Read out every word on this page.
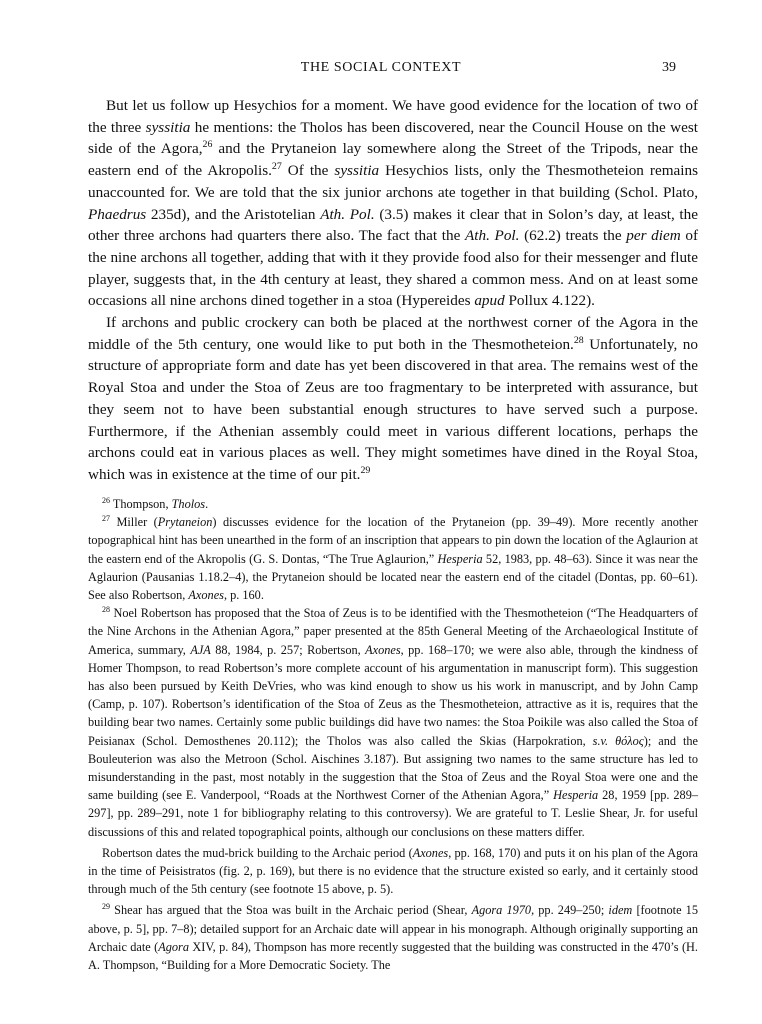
THE SOCIAL CONTEXT	39

But let us follow up Hesychios for a moment. We have good evidence for the location of two of the three syssitia he mentions: the Tholos has been discovered, near the Council House on the west side of the Agora,$^{26}$ and the Prytaneion lay somewhere along the Street of the Tripods, near the eastern end of the Akropolis.$^{27}$ Of the syssitia Hesychios lists, only the Thesmotheteion remains unaccounted for. We are told that the six junior archons ate together in that building (Schol. Plato, Phaedrus 235d), and the Aristotelian Ath. Pol. (3.5) makes it clear that in Solon’s day, at least, the other three archons had quarters there also. The fact that the Ath. Pol. (62.2) treats the per diem of the nine archons all together, adding that with it they provide food also for their messenger and flute player, suggests that, in the 4th century at least, they shared a common mess. And on at least some occasions all nine archons dined together in a stoa (Hypereides apud Pollux 4.122).

If archons and public crockery can both be placed at the northwest corner of the Agora in the middle of the 5th century, one would like to put both in the Thesmotheteion.$^{28}$ Unfortunately, no structure of appropriate form and date has yet been discovered in that area. The remains west of the Royal Stoa and under the Stoa of Zeus are too fragmentary to be interpreted with assurance, but they seem not to have been substantial enough structures to have served such a purpose. Furthermore, if the Athenian assembly could meet in various different locations, perhaps the archons could eat in various places as well. They might sometimes have dined in the Royal Stoa, which was in existence at the time of our pit.$^{29}$

$^{26}$ Thompson, Tholos.

$^{27}$ Miller (Prytaneion) discusses evidence for the location of the Prytaneion (pp. 39–49). More recently another topographical hint has been unearthed in the form of an inscription that appears to pin down the location of the Aglaurion at the eastern end of the Akropolis (G. S. Dontas, “The True Aglaurion,” Hesperia 52, 1983, pp. 48–63). Since it was near the Aglaurion (Pausanias 1.18.2–4), the Prytaneion should be located near the eastern end of the citadel (Dontas, pp. 60–61). See also Robertson, Axones, p. 160.

$^{28}$ Noel Robertson has proposed that the Stoa of Zeus is to be identified with the Thesmotheteion (“The Headquarters of the Nine Archons in the Athenian Agora,” paper presented at the 85th General Meeting of the Archaeological Institute of America, summary, AJA 88, 1984, p. 257; Robertson, Axones, pp. 168–170; we were also able, through the kindness of Homer Thompson, to read Robertson’s more complete account of his argumentation in manuscript form). This suggestion has also been pursued by Keith DeVries, who was kind enough to show us his work in manuscript, and by John Camp (Camp, p. 107). Robertson’s identification of the Stoa of Zeus as the Thesmotheteion, attractive as it is, requires that the building bear two names. Certainly some public buildings did have two names: the Stoa Poikile was also called the Stoa of Peisianax (Schol. Demosthenes 20.112); the Tholos was also called the Skias (Harpokration, s.v. θόλος); and the Bouleuterion was also the Metroon (Schol. Aischines 3.187). But assigning two names to the same structure has led to misunderstanding in the past, most notably in the suggestion that the Stoa of Zeus and the Royal Stoa were one and the same building (see E. Vanderpool, “Roads at the Northwest Corner of the Athenian Agora,” Hesperia 28, 1959 [pp. 289–297], pp. 289–291, note 1 for bibliography relating to this controversy). We are grateful to T. Leslie Shear, Jr. for useful discussions of this and related topographical points, although our conclusions on these matters differ.

Robertson dates the mud-brick building to the Archaic period (Axones, pp. 168, 170) and puts it on his plan of the Agora in the time of Peisistratos (fig. 2, p. 169), but there is no evidence that the structure existed so early, and it certainly stood through much of the 5th century (see footnote 15 above, p. 5).

$^{29}$ Shear has argued that the Stoa was built in the Archaic period (Shear, Agora 1970, pp. 249–250; idem [footnote 15 above, p. 5], pp. 7–8); detailed support for an Archaic date will appear in his monograph. Although originally supporting an Archaic date (Agora XIV, p. 84), Thompson has more recently suggested that the building was constructed in the 470’s (H. A. Thompson, “Building for a More Democratic Society. The
